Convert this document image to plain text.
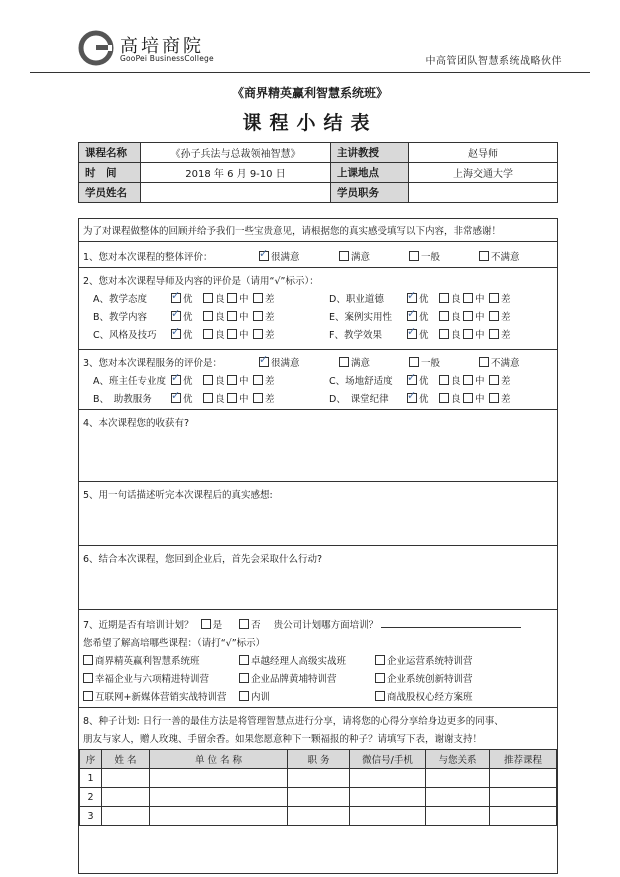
高培商院
GooPei BusinessCollege	中高管团队智慧系统战略伙伴
《商界精英赢利智慧系统班》
课程小结表
课程名称	《孙子兵法与总裁领袖智慧》	主讲教授	赵导师
时　间	2018 年 6 月 9-10 日	上课地点	上海交通大学
学员姓名		学员职务	
为了对课程做整体的回顾并给予我们一些宝贵意见，请根据您的真实感受填写以下内容，非常感谢！
1、您对本次课程的整体评价： ✓	很满意	满意	一般	不满意
2、您对本次课程导师及内容的评价是（请用“√”标示）：
A、教学态度 ✓	优	良	中	差
B、教学内容 ✓	优	良	中	差
C、风格及技巧 ✓	优	良	中	差
D、职业道德 ✓	优	良	中	差
E、案例实用性 ✓	优	良	中	差
F、教学效果 ✓	优	良	中	差
3、您对本次课程服务的评价是： ✓	很满意	满意	一般	不满意
A、班主任专业度 ✓	优	良	中	差
B、　助教服务 ✓	优	良	中	差
C、场地舒适度 ✓	优	良	中	差
D、　课堂纪律 ✓	优	良	中	差
4、本次课程您的收获有?
5、用一句话描述听完本次课程后的真实感想:
6、结合本次课程，您回到企业后，首先会采取什么行动?
7、近期是否有培训计划？ 是	否 贵公司计划哪方面培训？
您希望了解高培哪些课程：（请打“√”标示）
商界精英赢利智慧系统班	卓越经理人高级实战班	企业运营系统特训营
幸福企业与六项精进特训营	企业品牌黄埔特训营	企业系统创新特训营
互联网+新媒体营销实战特训营	内训	商战股权心经方案班
8、种子计划: 日行一善的最佳方法是将管理智慧点进行分享，请将您的心得分享给身边更多的同事、
朋友与家人，赠人玫瑰、手留余香。如果您愿意种下一颗福报的种子？请填写下表，谢谢支持！
序	姓 名	单 位 名 称	职 务	微信号/手机	与您关系	推荐课程
1						
2						
3						
